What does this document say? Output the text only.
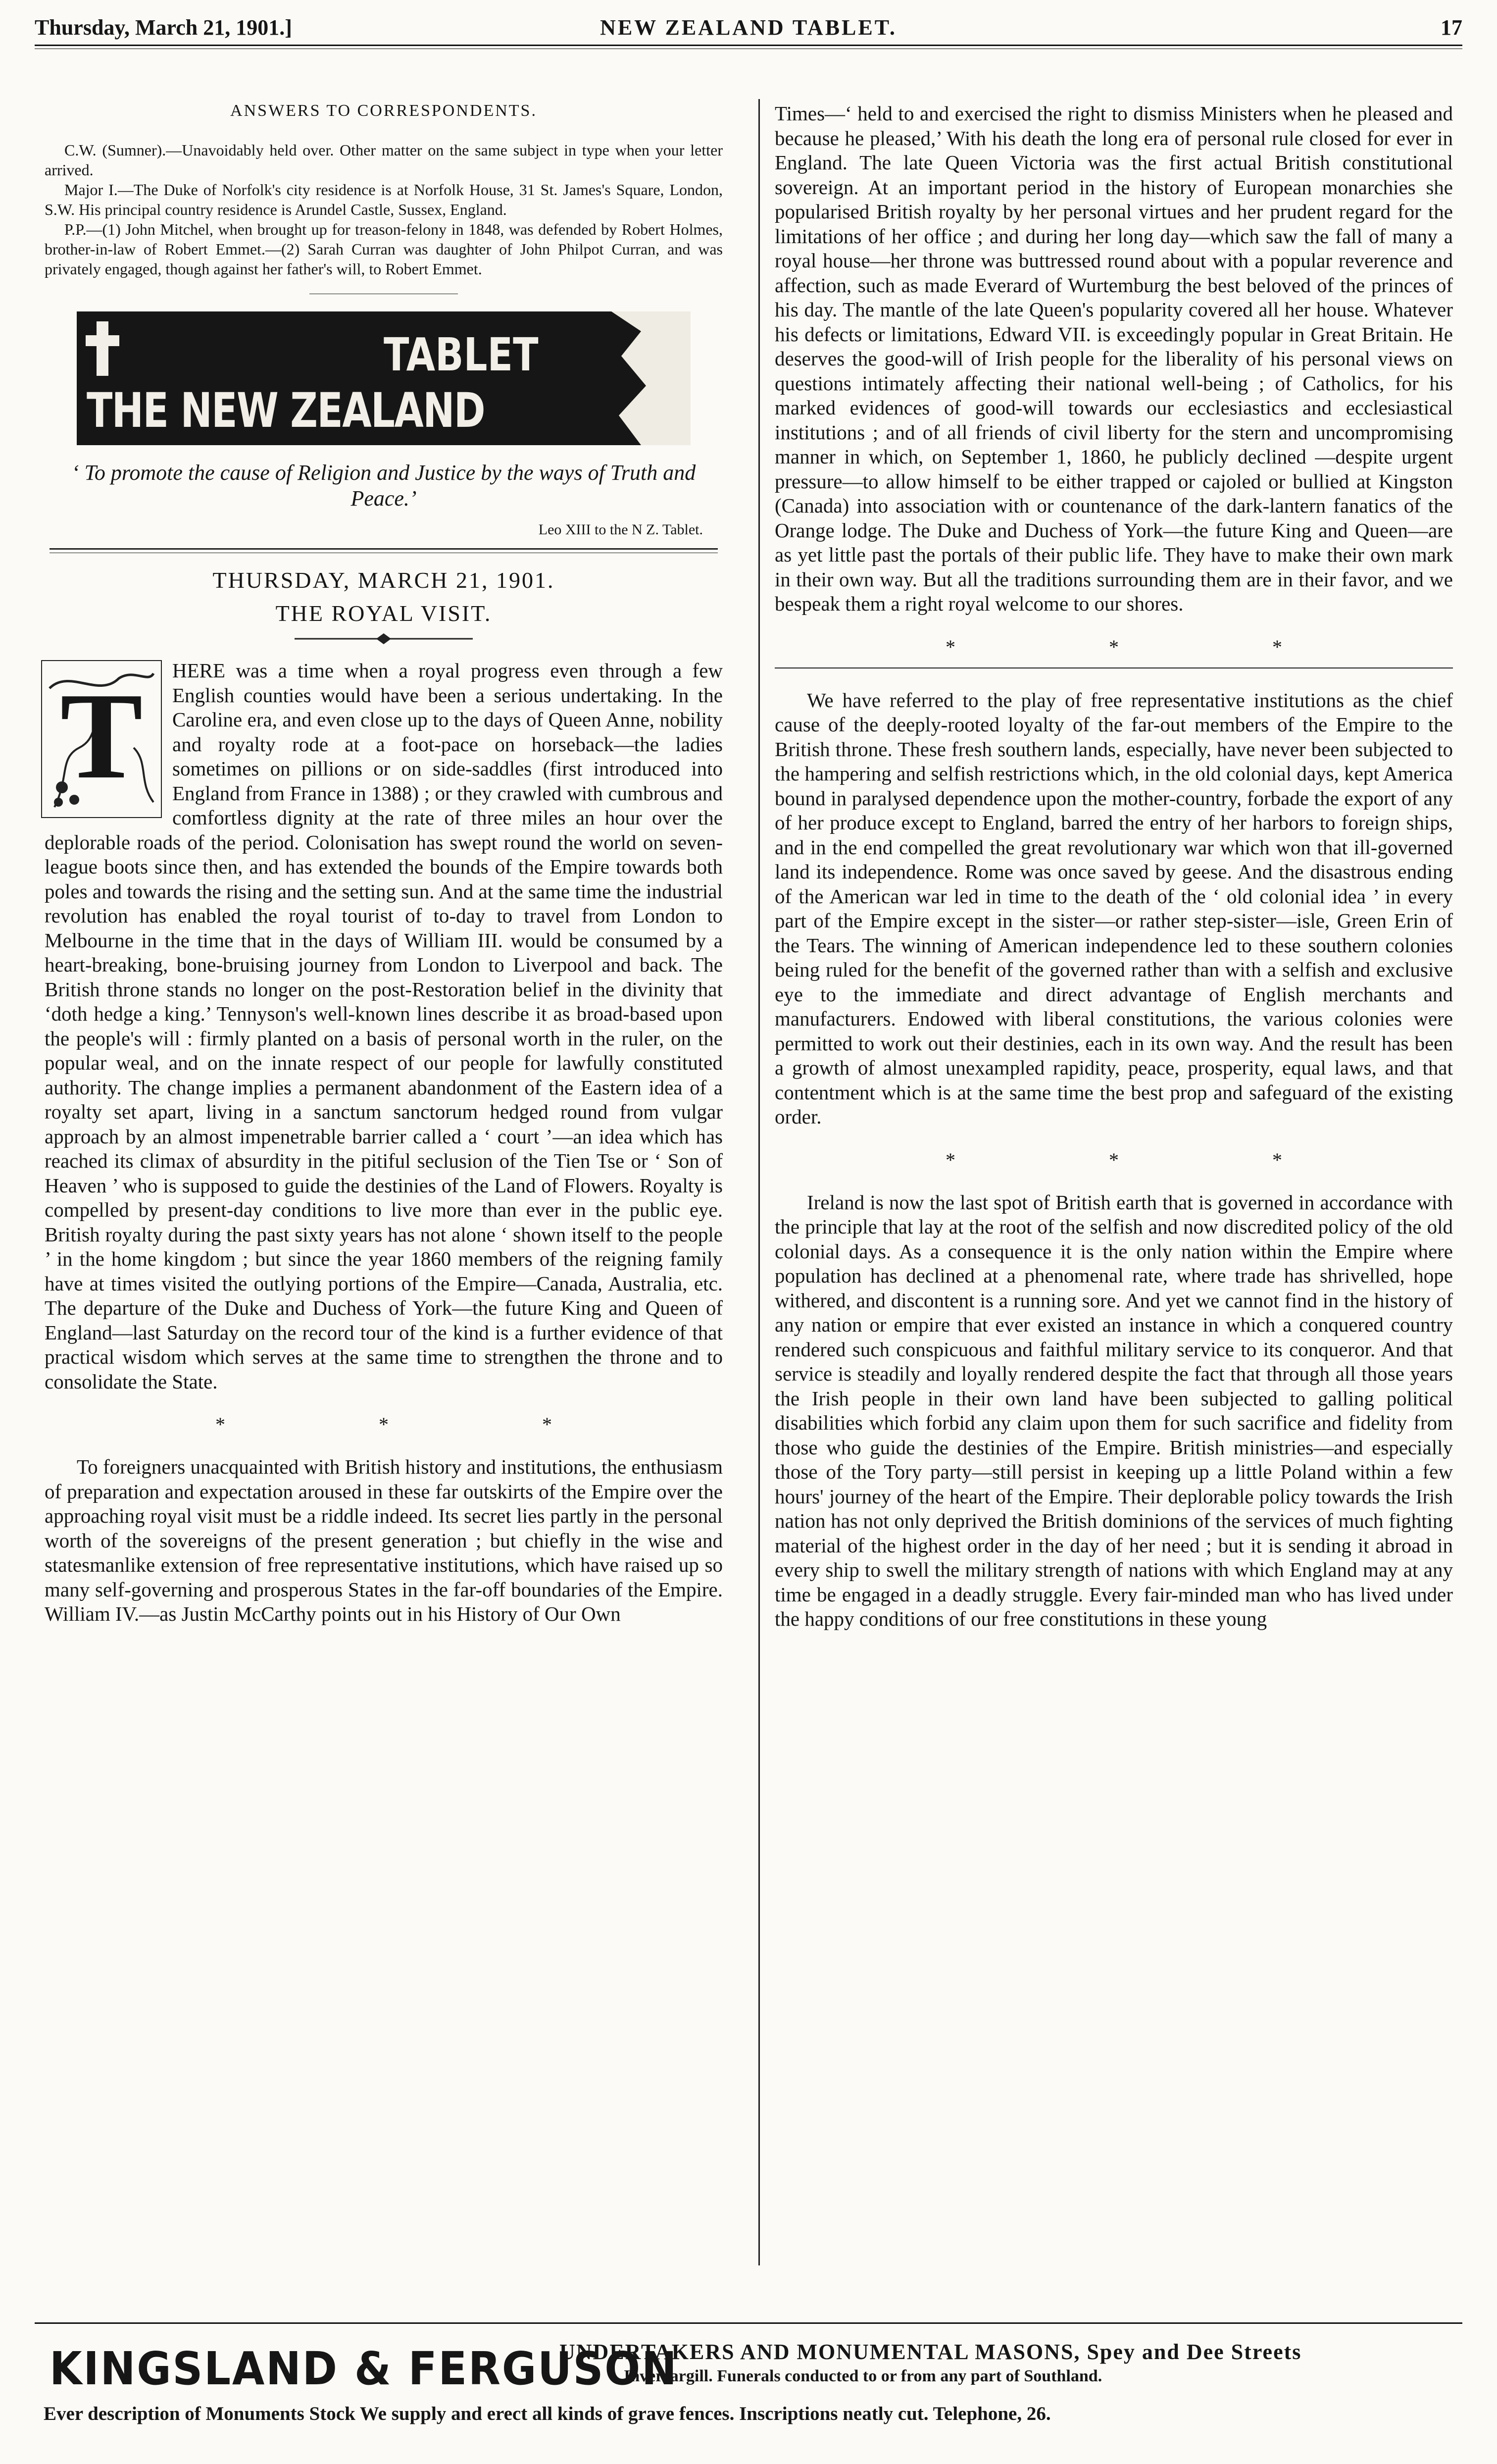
Thursday, March 21, 1901.]	NEW ZEALAND TABLET.	17
ANSWERS TO CORRESPONDENTS.

C.W. (Sumner).—Unavoidably held over. Other matter on the same subject in type when your letter arrived.

Major I.—The Duke of Norfolk's city residence is at Norfolk House, 31 St. James's Square, London, S.W. His principal country residence is Arundel Castle, Sussex, England.

P.P.—(1) John Mitchel, when brought up for treason-felony in 1848, was defended by Robert Holmes, brother-in-law of Robert Emmet.—(2) Sarah Curran was daughter of John Philpot Curran, and was privately engaged, though against her father's will, to Robert Emmet.

THE NEW ZEALAND
TABLET
‘ To promote the cause of Religion and Justice by the ways of Truth and Peace.’
Leo XIII to the N Z. Tablet.
THURSDAY, MARCH 21, 1901.
THE ROYAL VISIT.
T	HERE was a time when a royal progress even through a few English counties would have been a serious undertaking. In the Caroline era, and even close up to the days of Queen Anne, nobility and royalty rode at a foot-pace on horseback—the ladies sometimes on pillions or on side-saddles (first introduced into England from France in 1388) ; or they crawled with cumbrous and comfortless dignity at the rate of three miles an hour over the deplorable roads of the period. Colonisation has swept round the world on seven-league boots since then, and has extended the bounds of the Empire towards both poles and towards the rising and the setting sun. And at the same time the industrial revolution has enabled the royal tourist of to-day to travel from London to Melbourne in the time that in the days of William III. would be consumed by a heart-breaking, bone-bruising journey from London to Liverpool and back. The British throne stands no longer on the post-Restoration belief in the divinity that ‘doth hedge a king.’ Tennyson's well-known lines describe it as broad-based upon the people's will : firmly planted on a basis of personal worth in the ruler, on the popular weal, and on the innate respect of our people for lawfully constituted authority. The change implies a permanent abandonment of the Eastern idea of a royalty set apart, living in a sanctum sanctorum hedged round from vulgar approach by an almost impenetrable barrier called a ‘ court ’—an idea which has reached its climax of absurdity in the pitiful seclusion of the Tien Tse or ‘ Son of Heaven ’ who is supposed to guide the destinies of the Land of Flowers. Royalty is compelled by present-day conditions to live more than ever in the public eye. British royalty during the past sixty years has not alone ‘ shown itself to the people ’ in the home kingdom ; but since the year 1860 members of the reigning family have at times visited the outlying portions of the Empire—Canada, Australia, etc. The departure of the Duke and Duchess of York—the future King and Queen of England—last Saturday on the record tour of the kind is a further evidence of that practical wisdom which serves at the same time to strengthen the throne and to consolidate the State.

* * *

To foreigners unacquainted with British history and institutions, the enthusiasm of preparation and expectation aroused in these far outskirts of the Empire over the approaching royal visit must be a riddle indeed. Its secret lies partly in the personal worth of the sovereigns of the present generation ; but chiefly in the wise and statesmanlike extension of free representative institutions, which have raised up so many self-governing and prosperous States in the far-off boundaries of the Empire. William IV.—as Justin McCarthy points out in his History of Our Own

Times—‘ held to and exercised the right to dismiss Ministers when he pleased and because he pleased,’ With his death the long era of personal rule closed for ever in England. The late Queen Victoria was the first actual British constitutional sovereign. At an important period in the history of European monarchies she popularised British royalty by her personal virtues and her prudent regard for the limitations of her office ; and during her long day—which saw the fall of many a royal house—her throne was buttressed round about with a popular reverence and affection, such as made Everard of Wurtemburg the best beloved of the princes of his day. The mantle of the late Queen's popularity covered all her house. Whatever his defects or limitations, Edward VII. is exceedingly popular in Great Britain. He deserves the good-will of Irish people for the liberality of his personal views on questions intimately affecting their national well-being ; of Catholics, for his marked evidences of good-will towards our ecclesiastics and ecclesiastical institutions ; and of all friends of civil liberty for the stern and uncompromising manner in which, on September 1, 1860, he publicly declined —despite urgent pressure—to allow himself to be either trapped or cajoled or bullied at Kingston (Canada) into association with or countenance of the dark-lantern fanatics of the Orange lodge. The Duke and Duchess of York—the future King and Queen—are as yet little past the portals of their public life. They have to make their own mark in their own way. But all the traditions surrounding them are in their favor, and we bespeak them a right royal welcome to our shores.

* * *

We have referred to the play of free representative institutions as the chief cause of the deeply-rooted loyalty of the far-out members of the Empire to the British throne. These fresh southern lands, especially, have never been subjected to the hampering and selfish restrictions which, in the old colonial days, kept America bound in paralysed dependence upon the mother-country, forbade the export of any of her produce except to England, barred the entry of her harbors to foreign ships, and in the end compelled the great revolutionary war which won that ill-governed land its independence. Rome was once saved by geese. And the disastrous ending of the American war led in time to the death of the ‘ old colonial idea ’ in every part of the Empire except in the sister—or rather step-sister—isle, Green Erin of the Tears. The winning of American independence led to these southern colonies being ruled for the benefit of the governed rather than with a selfish and exclusive eye to the immediate and direct advantage of English merchants and manufacturers. Endowed with liberal constitutions, the various colonies were permitted to work out their destinies, each in its own way. And the result has been a growth of almost unexampled rapidity, peace, prosperity, equal laws, and that contentment which is at the same time the best prop and safeguard of the existing order.

* * *

Ireland is now the last spot of British earth that is governed in accordance with the principle that lay at the root of the selfish and now discredited policy of the old colonial days. As a consequence it is the only nation within the Empire where population has declined at a phenomenal rate, where trade has shrivelled, hope withered, and discontent is a running sore. And yet we cannot find in the history of any nation or empire that ever existed an instance in which a conquered country rendered such conspicuous and faithful military service to its conqueror. And that service is steadily and loyally rendered despite the fact that through all those years the Irish people in their own land have been subjected to galling political disabilities which forbid any claim upon them for such sacrifice and fidelity from those who guide the destinies of the Empire. British ministries—and especially those of the Tory party—still persist in keeping up a little Poland within a few hours' journey of the heart of the Empire. Their deplorable policy towards the Irish nation has not only deprived the British dominions of the services of much fighting material of the highest order in the day of her need ; but it is sending it abroad in every ship to swell the military strength of nations with which England may at any time be engaged in a deadly struggle. Every fair-minded man who has lived under the happy conditions of our free constitutions in these young

KINGSLAND & FERGUSON
UNDERTAKERS AND MONUMENTAL MASONS, Spey and Dee Streets
Invercargill. Funerals conducted to or from any part of Southland.
Ever description of Monuments Stock We supply and erect all kinds of grave fences. Inscriptions neatly cut. Telephone, 26.
